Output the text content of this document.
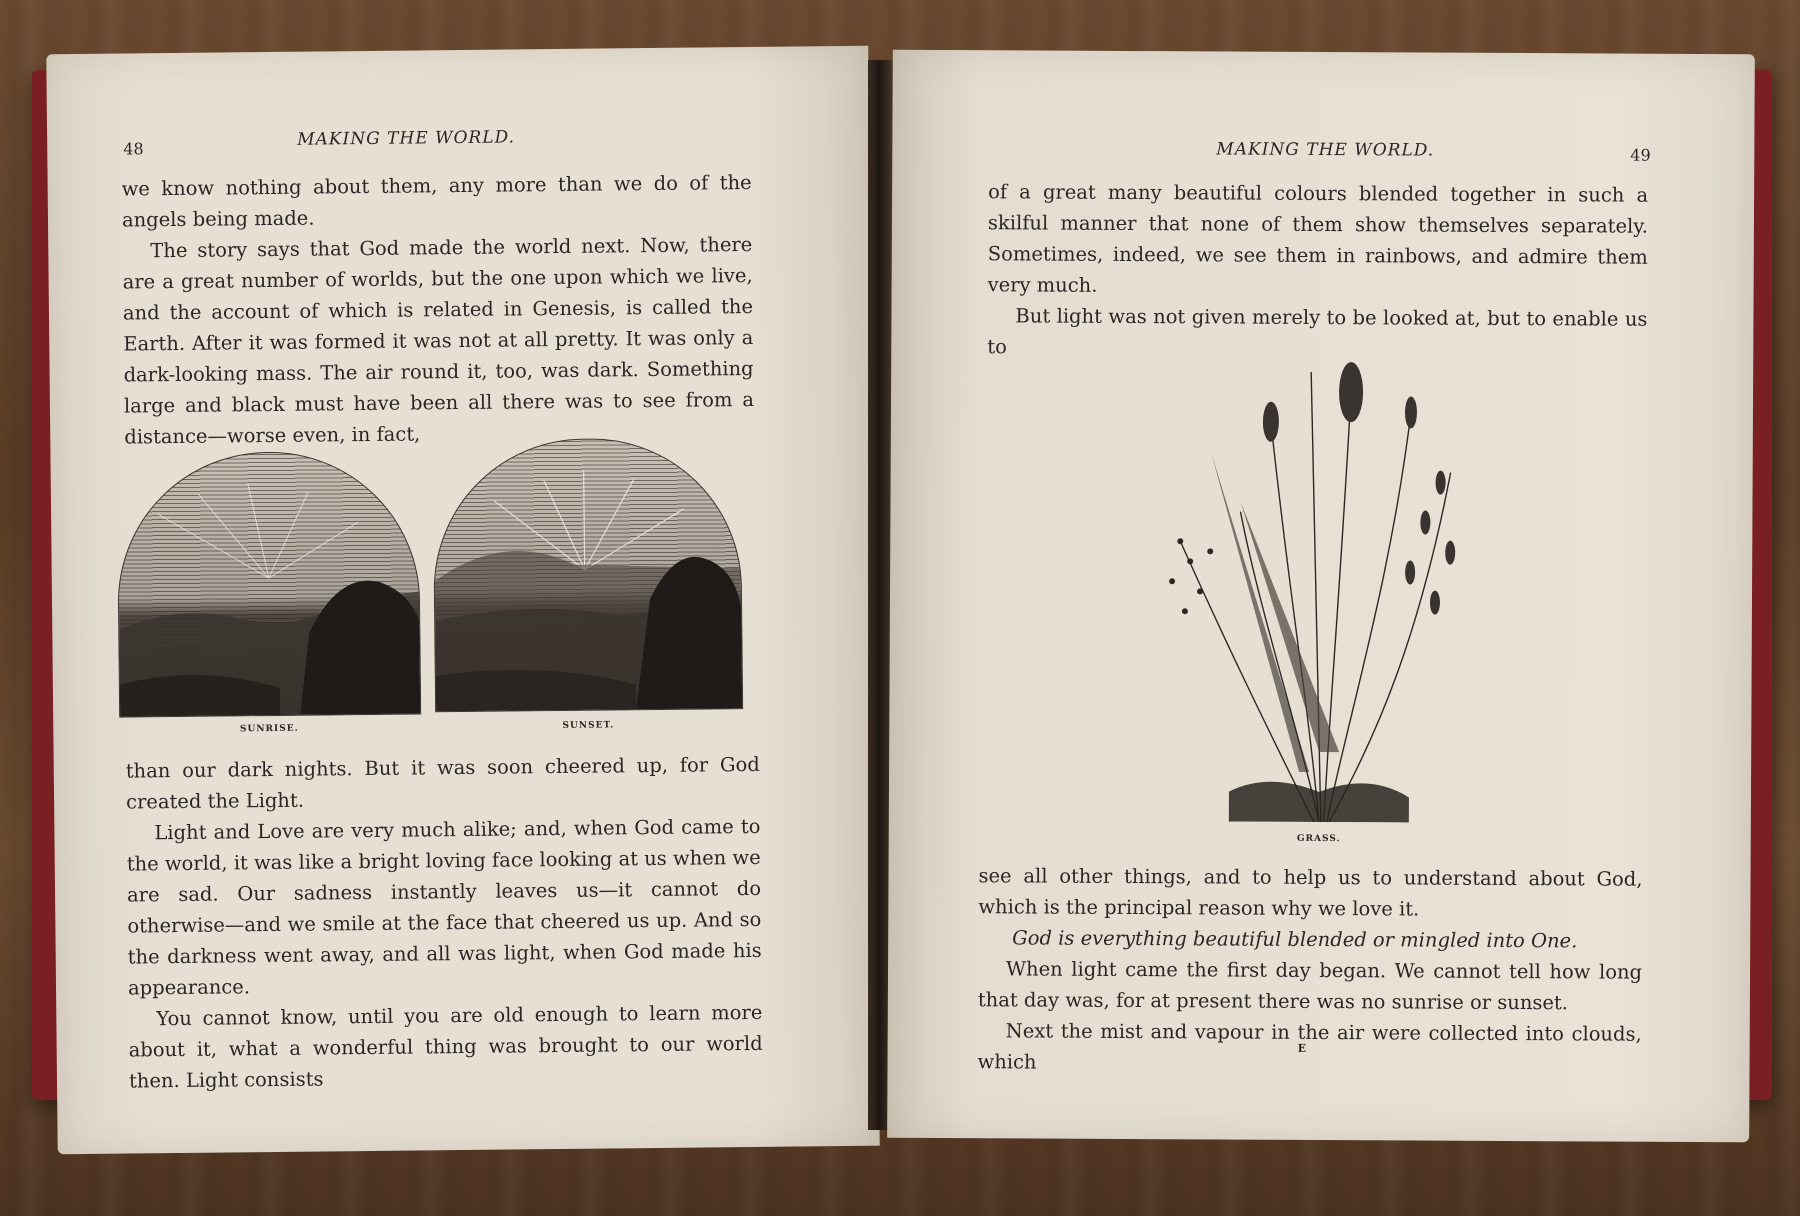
48	MAKING THE WORLD.

we know nothing about them, any more than we do of the angels being made.

The story says that God made the world next. Now, there are a great number of worlds, but the one upon which we live, and the account of which is related in Genesis, is called the Earth. After it was formed it was not at all pretty. It was only a dark-looking mass. The air round it, too, was dark. Something large and black must have been all there was to see from a distance—worse even, in fact,

SUNRISE.	SUNSET.

than our dark nights. But it was soon cheered up, for God created the Light.

Light and Love are very much alike; and, when God came to the world, it was like a bright loving face looking at us when we are sad. Our sadness instantly leaves us—it cannot do otherwise—and we smile at the face that cheered us up. And so the darkness went away, and all was light, when God made his appearance.

You cannot know, until you are old enough to learn more about it, what a wonderful thing was brought to our world then. Light consists

MAKING THE WORLD.	49

of a great many beautiful colours blended together in such a skilful manner that none of them show themselves separately. Sometimes, indeed, we see them in rainbows, and admire them very much.

But light was not given merely to be looked at, but to enable us to

GRASS.

see all other things, and to help us to understand about God, which is the principal reason why we love it.

God is everything beautiful blended or mingled into One.

When light came the first day began. We cannot tell how long that day was, for at present there was no sunrise or sunset.

Next the mist and vapour in the air were collected into clouds, which

E
